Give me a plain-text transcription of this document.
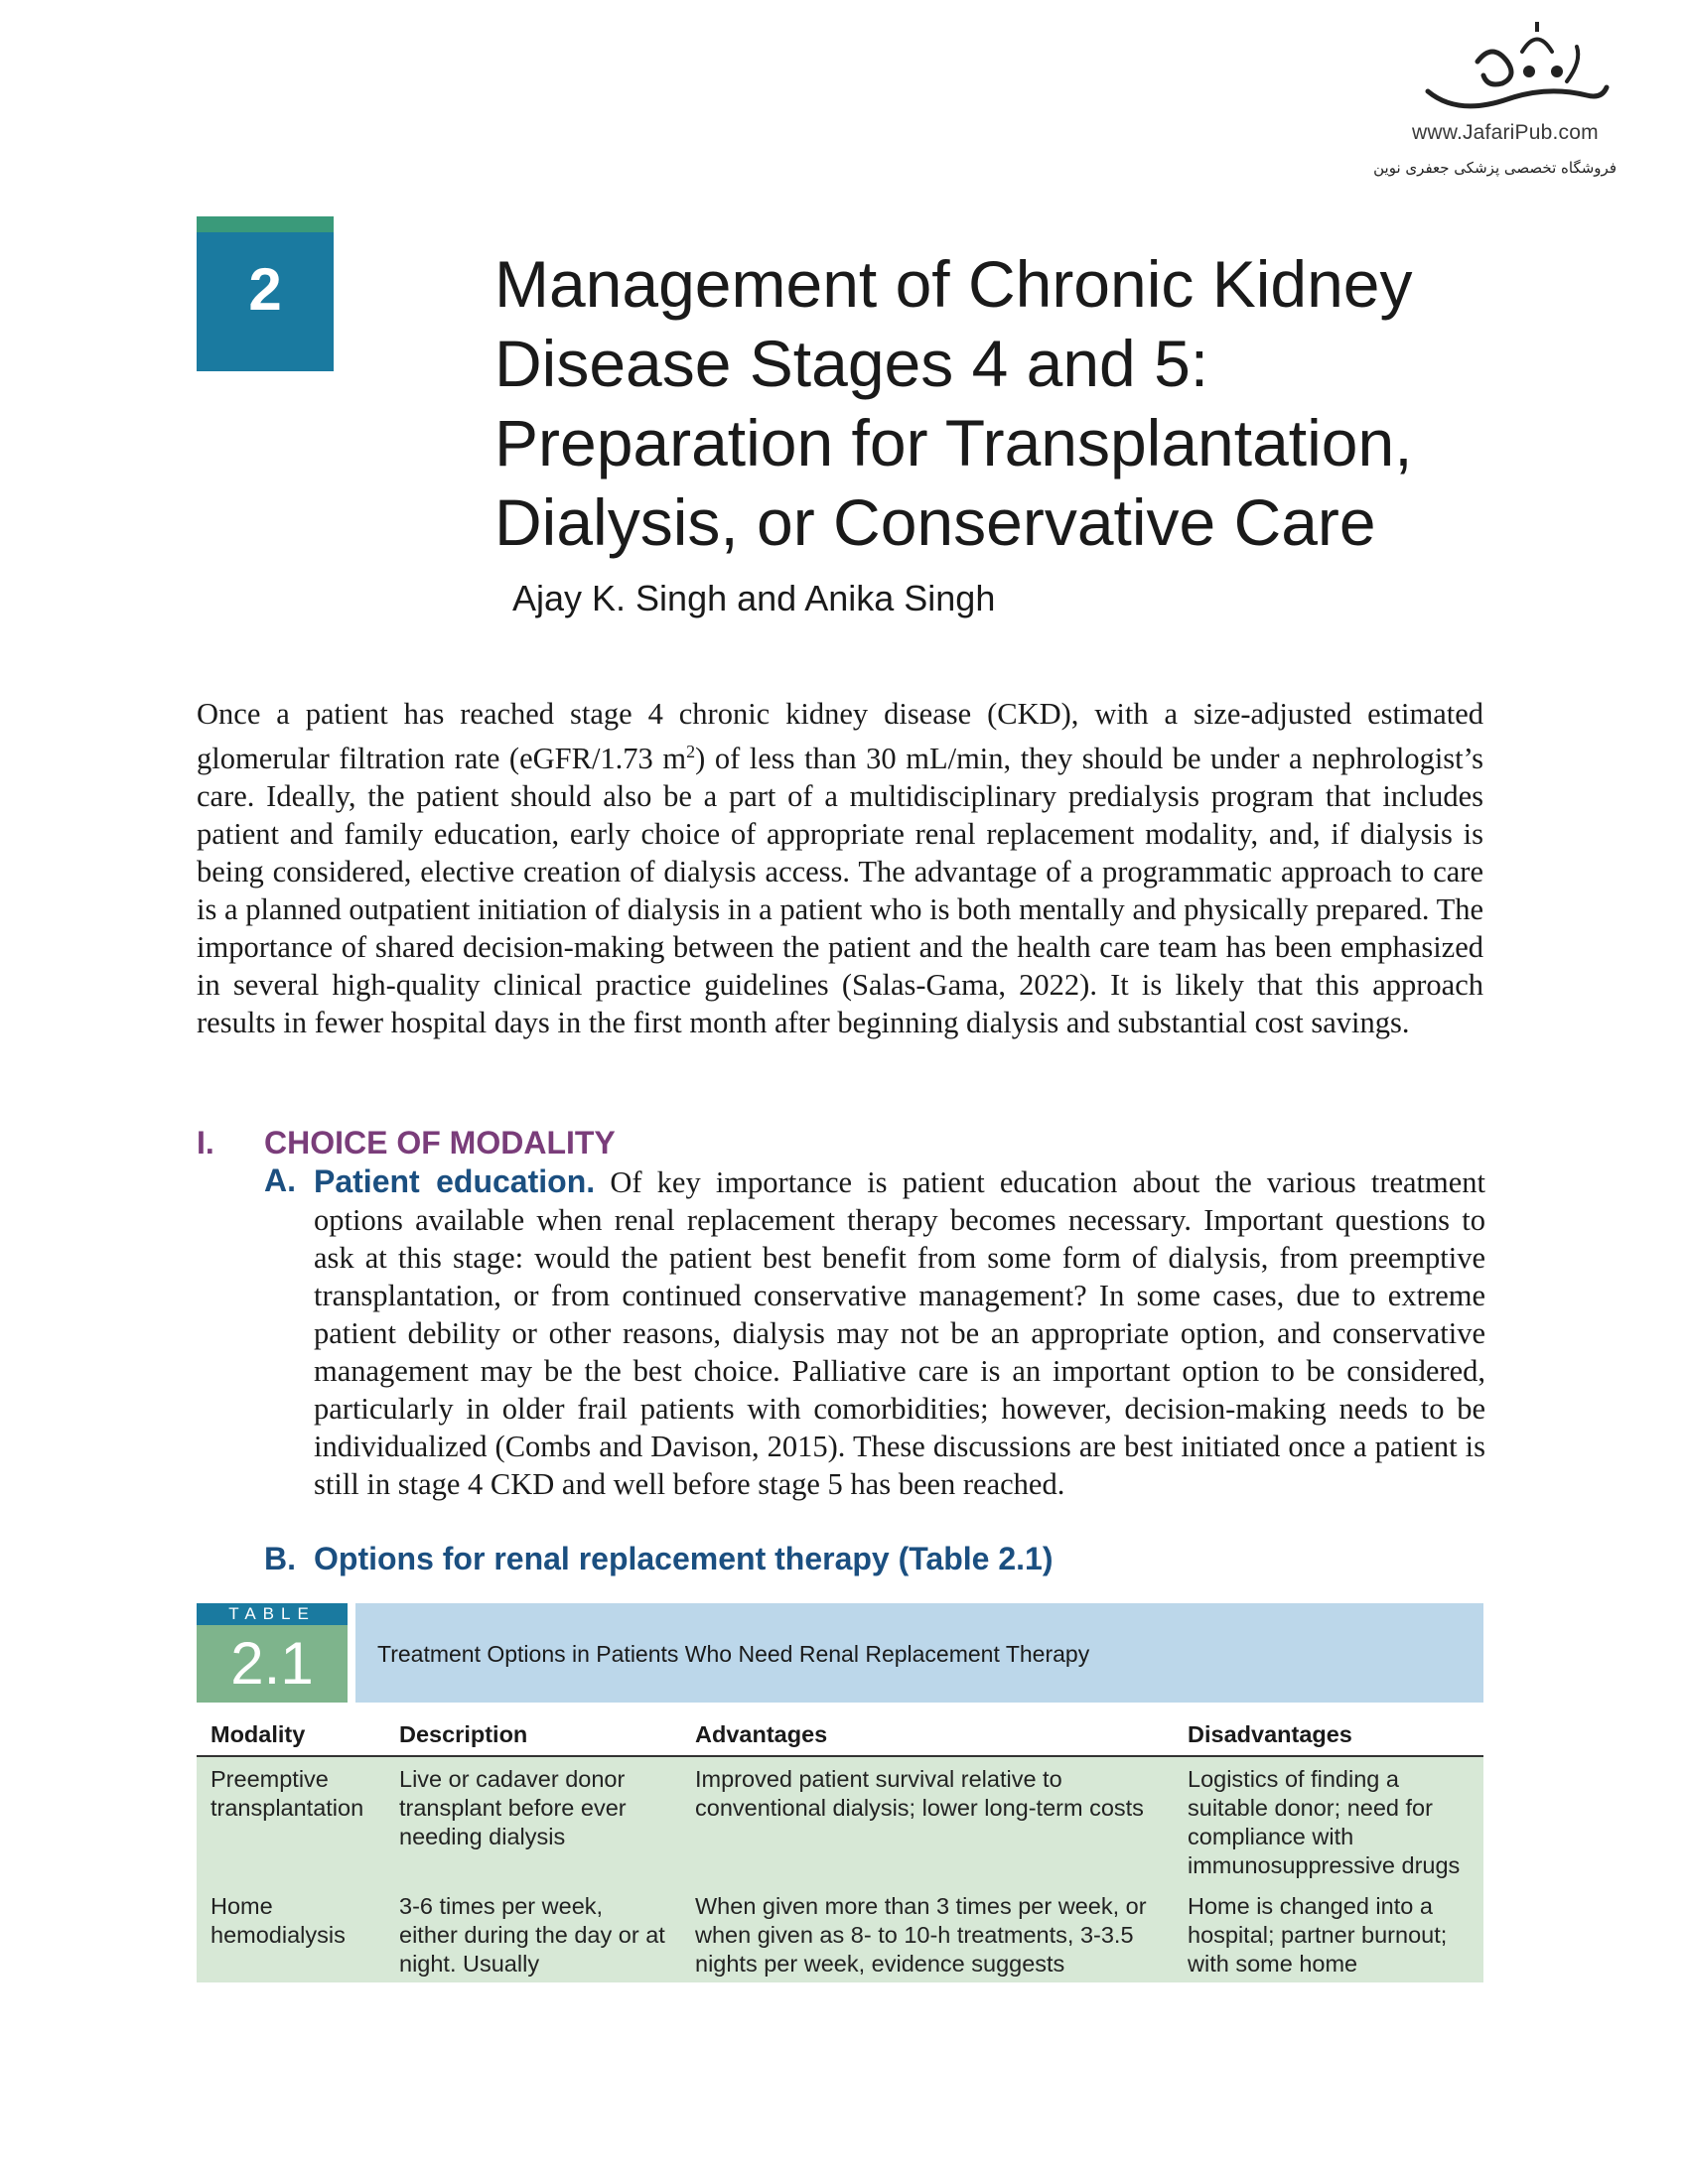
www.JafariPub.com
فروشگاه تخصصی پزشکی جعفری نوین
2	Management of Chronic Kidney Disease Stages 4 and 5: Preparation for Transplantation, Dialysis, or Conservative Care
Ajay K. Singh and Anika Singh

Once a patient has reached stage 4 chronic kidney disease (CKD), with a size-adjusted estimated glomerular filtration rate (eGFR/1.73 $m^2$) of less than 30 mL/min, they should be under a nephrologist’s care. Ideally, the patient should also be a part of a multidisciplinary predialysis program that includes patient and family education, early choice of appropriate renal replacement modality, and, if dialysis is being considered, elective creation of dialysis access. The advantage of a programmatic approach to care is a planned outpatient initiation of dialysis in a patient who is both mentally and physically prepared. The importance of shared decision-making between the patient and the health care team has been emphasized in several high-quality clinical practice guidelines (Salas-Gama, 2022). It is likely that this approach results in fewer hospital days in the first month after beginning dialysis and substantial cost savings.

I. CHOICE OF MODALITY
A. Patient education. Of key importance is patient education about the various treatment options available when renal replacement therapy becomes necessary. Important questions to ask at this stage: would the patient best benefit from some form of dialysis, from preemptive transplantation, or from continued conservative management? In some cases, due to extreme patient debility or other reasons, dialysis may not be an appropriate option, and conservative management may be the best choice. Palliative care is an important option to be considered, particularly in older frail patients with comorbidities; however, decision-making needs to be individualized (Combs and Davison, 2015). These discussions are best initiated once a patient is still in stage 4 CKD and well before stage 5 has been reached.

B. Options for renal replacement therapy (Table 2.1)
TABLE
2.1	Treatment Options in Patients Who Need Renal Replacement Therapy
Modality	Description	Advantages	Disadvantages
Preemptive transplantation	Live or cadaver donor transplant before ever needing dialysis	Improved patient survival relative to conventional dialysis; lower long-term costs	Logistics of finding a suitable donor; need for compliance with immunosuppressive drugs
Home hemodialysis	3-6 times per week, either during the day or at night. Usually	When given more than 3 times per week, or when given as 8- to 10-h treatments, 3-3.5 nights per week, evidence suggests	Home is changed into a hospital; partner burnout; with some home
